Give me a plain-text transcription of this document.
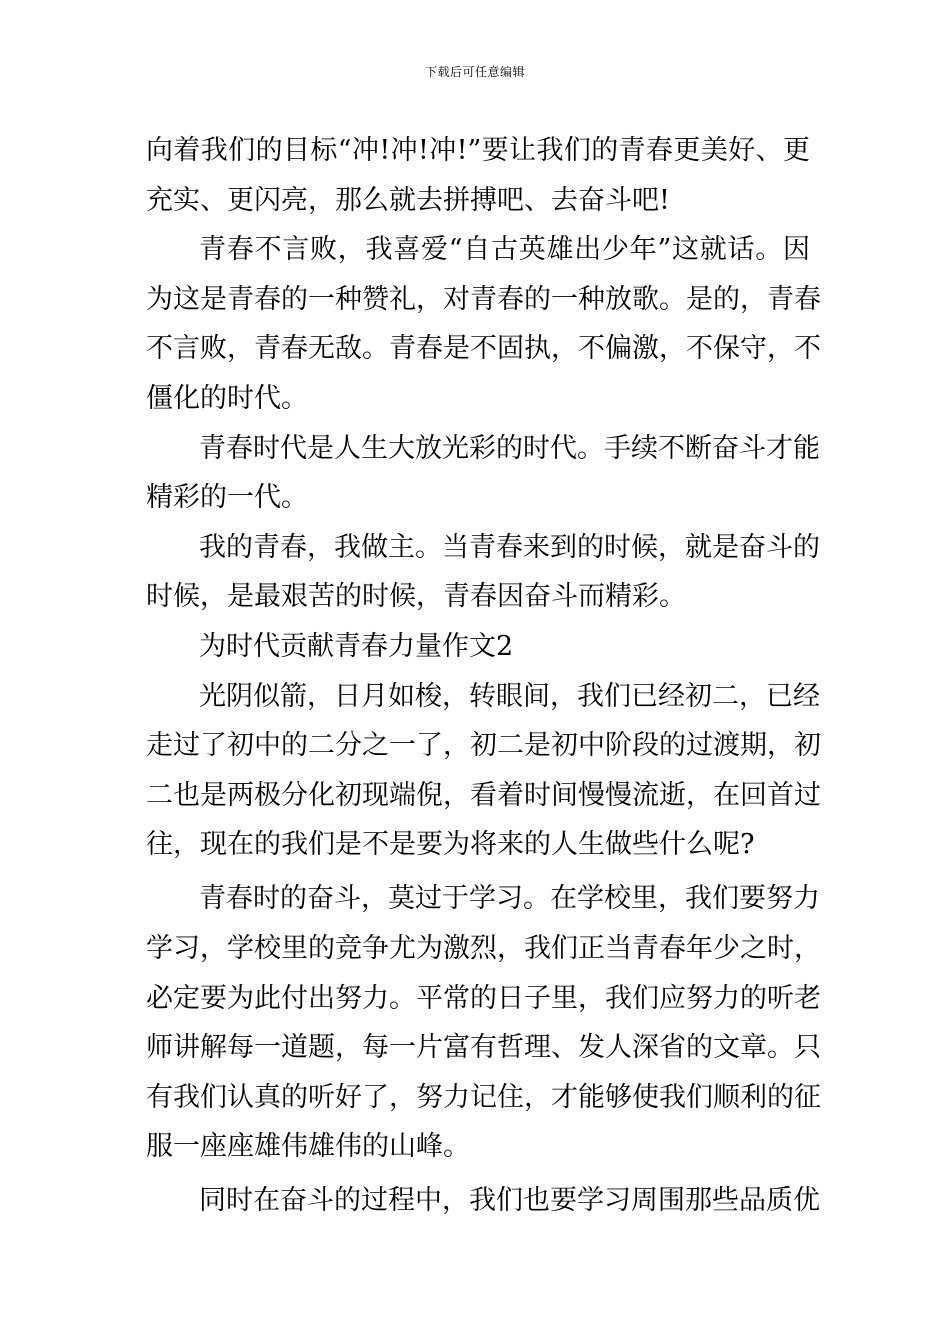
下载后可任意编辑
向着我们的目标“冲!冲!冲!”要让我们的青春更美好、更
充实、更闪亮，那么就去拼搏吧、去奋斗吧!
青春不言败，我喜爱“自古英雄出少年”这就话。因
为这是青春的一种赞礼，对青春的一种放歌。是的，青春
不言败，青春无敌。青春是不固执，不偏激，不保守，不
僵化的时代。
青春时代是人生大放光彩的时代。手续不断奋斗才能
精彩的一代。
我的青春，我做主。当青春来到的时候，就是奋斗的
时候，是最艰苦的时候，青春因奋斗而精彩。
为时代贡献青春力量作文2
光阴似箭，日月如梭，转眼间，我们已经初二，已经
走过了初中的二分之一了，初二是初中阶段的过渡期，初
二也是两极分化初现端倪，看着时间慢慢流逝，在回首过
往，现在的我们是不是要为将来的人生做些什么呢?
青春时的奋斗，莫过于学习。在学校里，我们要努力
学习，学校里的竞争尤为激烈，我们正当青春年少之时，
必定要为此付出努力。平常的日子里，我们应努力的听老
师讲解每一道题，每一片富有哲理、发人深省的文章。只
有我们认真的听好了，努力记住，才能够使我们顺利的征
服一座座雄伟雄伟的山峰。
同时在奋斗的过程中，我们也要学习周围那些品质优
